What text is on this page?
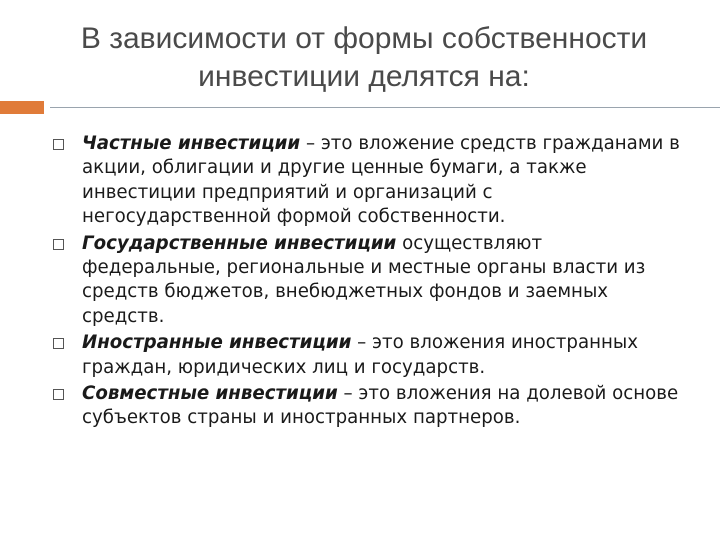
В зависимости от формы собственности
инвестиции делятся на:
Частные инвестиции – это вложение средств гражданами в акции, облигации и другие ценные бумаги, а также инвестиции предприятий и организаций с негосударственной формой собственности.
Государственные инвестиции осуществляют федеральные, региональные и местные органы власти из средств бюджетов, внебюджетных фондов и заемных средств.
Иностранные инвестиции – это вложения иностранных граждан, юридических лиц и государств.
Совместные инвестиции – это вложения на долевой основе субъектов страны и иностранных партнеров.
